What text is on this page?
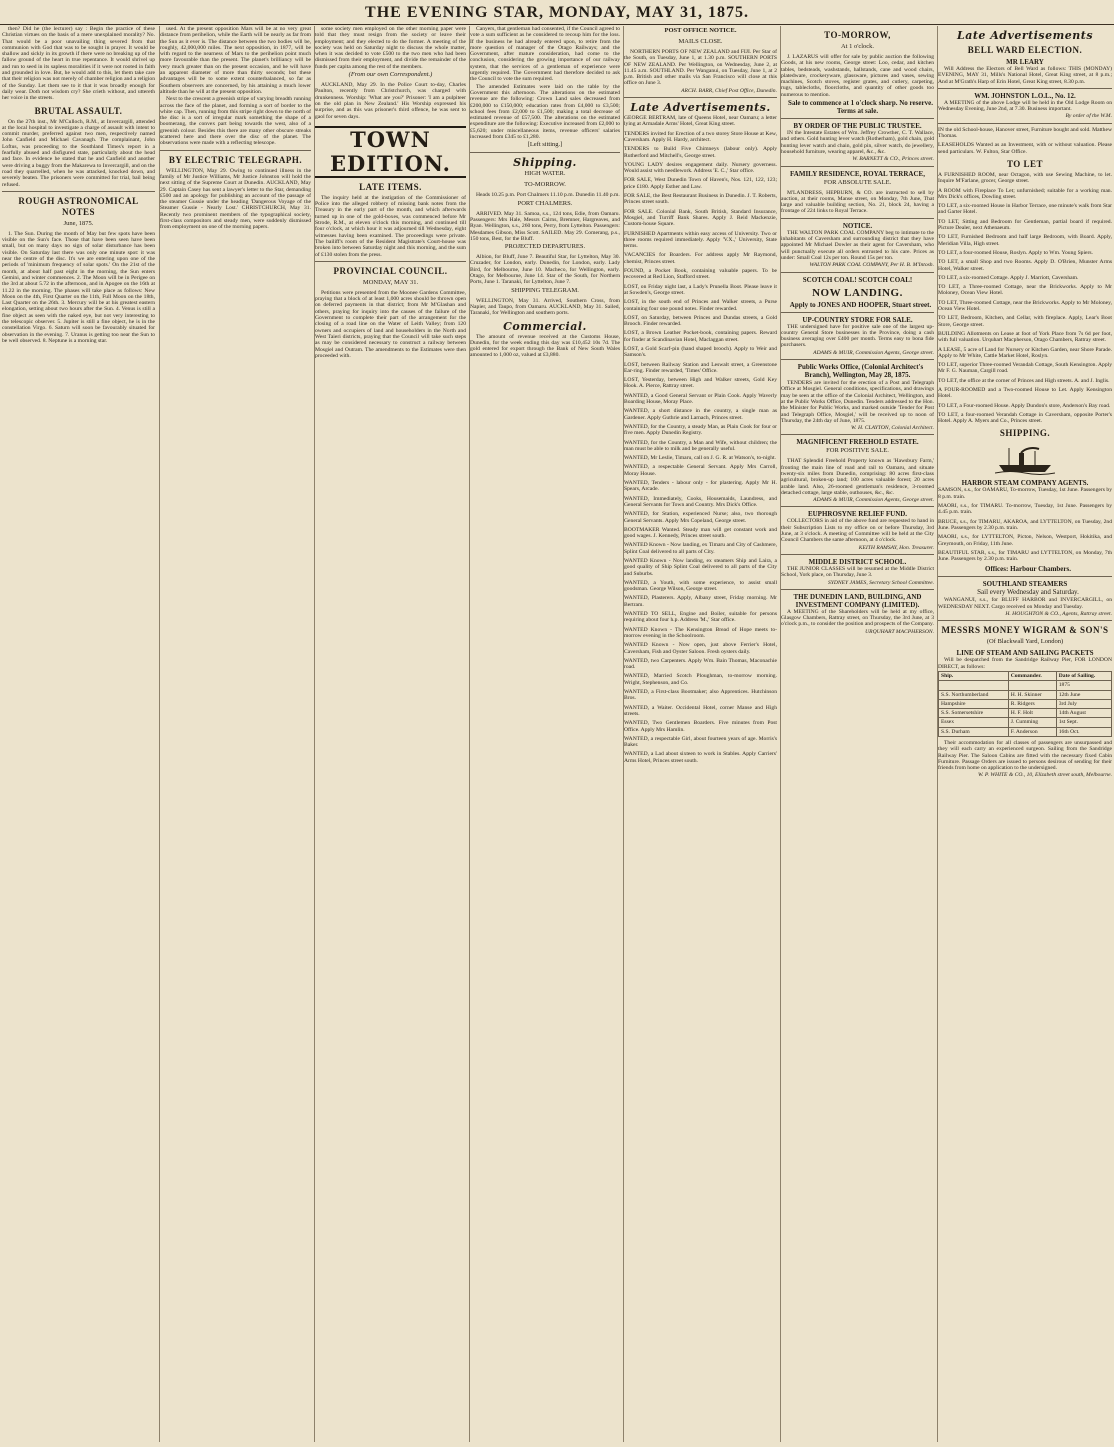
THE EVENING STAR, MONDAY, MAY 31, 1875.

then? Did he (the lecturer) say : Begin the practice of these Christian virtues on the basis of a mere unexplained morality? No. That would be a poor unavailing thing severed from that communion with God that was to be sought in prayer. It would be shallow and sickly in its growth if there were no breaking up of the fallow ground of the heart in true repentance. It would shrivel up and run to seed in its sapless moralities if it were not rooted in faith and grounded in love. But, he would add to this, let them take care that their religion was not merely of chamber religion and a religion of the Sunday. Let them see to it that it was broadly enough for daily wear. Doth not wisdom cry? She crieth without, and uttereth her voice in the streets.

BRUTAL ASSAULT.

On the 27th inst., Mr M'Culloch, R.M., at Invercargill, attended at the local hospital to investigate a charge of assault with intent to commit murder, preferred against two men, respectively named John Canfield and Michael Cavanagh. The complainant, John Loftus, was proceeding to the Southland Times's report in a fearfully abused and disfigured state, particularly about the head and face. In evidence he stated that he and Canfield and another were driving a buggy from the Makarewa to Invercargill, and on the road they quarrelled, when he was attacked, knocked down, and severely beaten. The prisoners were committed for trial, bail being refused.

ROUGH ASTRONOMICAL NOTES
June, 1875.

1. The Sun. During the month of May but few spots have been visible on the Sun's face. Those that have been seen have been small, but on many days no sign of solar disturbance has been visible. On Saturday last there was only one minute spot: it was near the centre of the disc. It's we are entering upon one of the periods of 'minimum frequency of solar spots.' On the 21st of the month, at about half past eight in the morning, the Sun enters Gemini, and winter commences. 2. The Moon will be in Perigee on the 3rd at about 5.72 in the afternoon, and in Apogee on the 16th at 11.22 in the morning. The phases will take place as follows: New Moon on the 4th, First Quarter on the 11th, Full Moon on the 18th, Last Quarter on the 26th. 3. Mercury will be at his greatest eastern elongation, setting about two hours after the Sun. 4. Venus is still a fine object as seen with the naked eye, but not very interesting to the telescopic observer. 5. Jupiter is still a fine object, he is in the constellation Virgo. 6. Saturn will soon be favourably situated for observation in the evening. 7. Uranus is getting too near the Sun to be well observed. 8. Neptune is a morning star.

used. At the present opposition Mars will be at no very great distance from perihelion, while the Earth will be nearly as far from the Sun as it ever is. The distance between the two bodies will be, roughly, 42,000,000 miles. The next opposition, in 1877, will be with regard to the nearness of Mars to the perihelion point much more favourable than the present. The planet's brilliancy will be very much greater than on the present occasion, and he will have an apparent diameter of more than thirty seconds; but these advantages will be to some extent counterbalanced, so far as Southern observers are concerned, by his attaining a much lower altitude than he will at the present opposition.

Next to the crescent a greenish stripe of varying breadth running across the face of the planet, and forming a sort of border to the white cap. Then, running from this stripe right down to the north of the disc is a sort of irregular mark something the shape of a boomerang, the convex part being towards the west, also of a greenish colour. Besides this there are many other obscure streaks scattered here and there over the disc of the planet. The observations were made with a reflecting telescope.

BY ELECTRIC TELEGRAPH.

WELLINGTON, May 29. Owing to continued illness in the family of Mr Justice Williams, Mr Justice Johnston will hold the next sitting of the Supreme Court at Dunedin. AUCKLAND, May 29. Captain Casey has sent a lawyer's letter to the Star, demanding £500 and an apology for publishing an account of the passage of the steamer Gussie under the heading 'Dangerous Voyage of the Steamer Gussie - Nearly Lost.' CHRISTCHURCH, May 31. Recently two prominent members of the typographical society, first-class compositors and steady men, were suddenly dismissed from employment on one of the morning papers.

some society men employed on the other morning paper were told that they must resign from the society or leave their employment; and they elected to do the former. A meeting of the society was held on Saturday night to discuss the whole matter, when it was decided to vote £500 to the two men who had been dismissed from their employment, and divide the remainder of the funds per capita among the rest of the members.

(From our own Correspondent.)

AUCKLAND, May 29. In the Police Court to-day, Charles Paulton, recently from Christchurch, was charged with drunkenness. Worship: 'What are you?' Prisoner: 'I am a pulpiteer on the old plan in New Zealand.' His Worship expressed his surprise, and as this was prisoner's third offence, he was sent to gaol for seven days.

TOWN EDITION.
LATE ITEMS.

The inquiry held at the instigation of the Commissioner of Police into the alleged robbery of missing bank notes from the Treasury in the early part of the month, and which afterwards turned up in one of the gold-boxes, was commenced before Mr Strode, R.M., at eleven o'clock this morning, and continued till four o'clock, at which hour it was adjourned till Wednesday, eight witnesses having been examined. The proceedings were private. The bailiff's room of the Resident Magistrate's Court-house was broken into between Saturday night and this morning, and the sum of £130 stolen from the press.

PROVINCIAL COUNCIL.
MONDAY, MAY 31.

Petitions were presented from the Moonee Gardens Committee, praying that a block of at least 1,000 acres should be thrown open on deferred payments in that district; from Mr M'Glashan and others, praying for inquiry into the causes of the failure of the Government to complete their part of the arrangement for the closing of a road line on the Water of Leith Valley; from 120 owners and occupiers of land and householders in the North and West Taieri districts, praying that the Council will take such steps as may be considered necessary to construct a railway between Mosgiel and Outram. The amendments to the Estimates were then proceeded with.

Canyers, that gentleman had consented, if the Council agreed to vote a sum sufficient as he considered to recoup him for the loss. If the business he had already entered upon, to retire from the more question of manager of the Otago Railways; and the Government, after mature consideration, had come to the conclusion, considering the growing importance of our railway system, that the services of a gentleman of experience were urgently required. The Government had therefore decided to ask the Council to vote the sum required.

The amended Estimates were laid on the table by the Government this afternoon. The alterations on the estimated revenue are the following: Crown Land sales decreased from £200,000 to £150,000; education rates from £4,000 to £3,500; school fees from £2,000 to £1,500; making a total decrease of estimated revenue of £57,500. The alterations on the estimated expenditure are the following: Executive increased from £2,000 to £5,620; under miscellaneous items, revenue officers' salaries increased from £345 to £1,280.

[Left sitting.]
Shipping.
HIGH WATER.
TO-MORROW.

Heads 10.25 p.m. Port Chalmers 11.10 p.m. Dunedin 11.40 p.m.

PORT CHALMERS.

ARRIVED. May 31. Samoa, s.s., 124 tons, Edie, from Oamaru. Passengers: Mrs Hale, Messrs Cairns, Bremner, Hargreaves, and Ryan. Wellington, s.s., 260 tons, Perry, from Lyttelton. Passengers: Mesdames Gibson, Miss Scott. SAILED. May 29. Comerang, p.s., 150 tons, Best, for the Bluff.

PROJECTED DEPARTURES.

Albion, for Bluff, June 7. Beautiful Star, for Lyttelton, May 30. Cruzader, for London, early. Dunedin, for London, early. Lady Bird, for Melbourne, June 10. Macheco, for Wellington, early. Otago, for Melbourne, June 14. Star of the South, for Northern Ports, June 1. Taranaki, for Lyttelton, June 7.

SHIPPING TELEGRAM.

WELLINGTON, May 31. Arrived, Southern Cross, from Napier, and Taupo, from Oamaru. AUCKLAND, May 31. Sailed, Taranaki, for Wellington and southern ports.

Commercial.

The amount of revenue received at the Customs House, Dunedin, for the week ending this day was £10,452 10s 7d. The gold entered for export through the Bank of New South Wales amounted to 1,000 oz, valued at £3,880.

POST OFFICE NOTICE.
MAILS CLOSE.

NORTHERN PORTS OF NEW ZEALAND and FIJI. Per Star of the South, on Tuesday, June 1, at 1.30 p.m. SOUTHERN PORTS OF NEW ZEALAND. Per Wellington, on Wednesday, June 2, at 11.45 a.m. SOUTHLAND. Per Wanganui, on Tuesday, June 1, at 2 p.m. British and other mails via San Francisco will close at this office on June 3.

ARCH. BARR, Chief Post Office, Dunedin.

Late Advertisements.

GEORGE BERTRAM, late of Queens Hotel, near Oamaru; a letter lying at Armadale Arms' Hotel, Great King street.

TENDERS invited for Erection of a two storey Store House at Kew, Caversham. Apply H. Hardy, architect.

TENDERS to Build Five Chimneys (labour only). Apply Rutherford and Mitchell's, George street.

YOUNG LADY desires engagement daily. Nursery governess. Would assist with needlework. Address 'E. C.,' Star office.

FOR SALE, West Dunedin Town of Haven's, Nos. 121, 122, 123; price £180. Apply Esther and Law.

FOR SALE, the Best Restaurant Business in Dunedin. J. T. Roberts, Princes street south.

FOR SALE. Colonial Bank, South British, Standard Insurance, Mosgiel, and Turriff Bank Shares. Apply J. Reid Mackenzie, Custom-house Square.

FURNISHED Apartments within easy access of University. Two or three rooms required immediately. Apply 'V.X.,' University, State terms.

VACANCIES for Boarders. For address apply Mr Raymond, chemist, Princes street.

FOUND, a Pocket Book, containing valuable papers. To be recovered at Red Lion, Stafford street.

LOST, on Friday night last, a Lady's Prunella Boot. Please leave it at Sowden's, George street.

LOST, in the south end of Princes and Walker streets, a Purse containing four one pound notes. Finder rewarded.

LOST, on Saturday, between Princes and Dundas streets, a Gold Brooch. Finder rewarded.

LOST, a Brown Leather Pocket-book, containing papers. Reward for finder at Scandinavian Hotel, Maclaggan street.

LOST, a Gold Scarf-pin (hand shaped brooch). Apply to Weir and Samson's.

LOST, between Railway Station and Leswalt street, a Greenstone Ear-ring. Finder rewarded, 'Times' Office.

LOST, Yesterday, between High and Walker streets, Gold Key Hook. A. Pierce, Rattray street.

WANTED, a Good General Servant or Plain Cook. Apply Waverly Boarding House, Moray Place.

WANTED, a short distance in the country, a single man as Gardener. Apply Guthrie and Larnach, Princes street.

WANTED, for the Country, a steady Man, as Plain Cook for four or five men. Apply Dunedin Registry.

WANTED, for the Country, a Man and Wife, without children; the man must be able to milk and be generally useful.

WANTED, Mr Leslie, Timaru, call on J. G. R. at Watson's, to-night.

WANTED, a respectable General Servant. Apply Mrs Carroll, Moray House.

WANTED, Tenders - labour only - for plastering. Apply Mr H. Spears, Arcade.

WANTED, Immediately, Cooks, Housemaids, Laundress, and General Servants for Town and Country. Mrs Dick's Office.

WANTED, for Station, experienced Nurse; also, two thorough General Servants. Apply Mrs Copeland, George street.

BOOTMAKER Wanted. Steady man will get constant work and good wages. J. Kennedy, Princes street south.

WANTED Known - Now landing, ex Timaru and City of Cashmere, Splint Coal delivered to all parts of City.

WANTED Known - Now landing, ex steamers Ship and Laira, a good quality of Ship Splint Coal delivered to all parts of the City and Suburbs.

WANTED, a Youth, with some experience, to assist small goodsman. George Wilson, George street.

WANTED, Plasterers. Apply, Albany street, Friday morning. Mr Bertram.

WANTED TO SELL, Engine and Boiler, suitable for persons requiring about four h.p. Address 'M.,' Star office.

WANTED Known - The Kensington Bread of Hope meets to-morrow evening in the Schoolroom.

WANTED Known - Now open, just above Ferrier's Hotel, Caversham, Fish and Oyster Saloon. Fresh oysters daily.

WANTED, two Carpenters. Apply Wm. Bain Thomas, Maconachie road.

WANTED, Married Scotch Ploughman, to-morrow morning. Wright, Stephenson, and Co.

WANTED, a First-class Bootmaker; also Apprentices. Hutchinson Bros.

WANTED, a Waiter. Occidental Hotel, corner Manse and High streets.

WANTED, Two Gentlemen Boarders. Five minutes from Post Office. Apply Mrs Hamlin.

WANTED, a respectable Girl, about fourteen years of age. Morris's Baker.

WANTED, a Lad about sixteen to work in Stables. Apply Carriers' Arms Hotel, Princes street south.

TO-MORROW,
At 1 o'clock.

J. LAZARUS will offer for sale by public auction the following Goods, at his new rooms, George street: Loo, cedar, and kitchen tables, bedsteads, washstands, hallstands, cane and wood chairs, platedware, crockeryware, glassware, pictures and vases, sewing machines, Scotch stoves, register grates, and cutlery, carpeting, rugs, tablecloths, floorcloths, and quantity of other goods too numerous to mention.

Sale to commence at 1 o'clock sharp. No reserve. Terms at sale.

BY ORDER OF THE PUBLIC TRUSTEE.

IN the Intestate Estates of Wm. Jeffrey Crowther, C. T. Wallace, and others. Gold hunting lever watch (Rotherham), gold chain, gold hunting lever watch and chain, gold pin, silver watch, do jewellery, household furniture, wearing apparel, &c., &c.

W. BARNETT & CO., Princes street.

FAMILY RESIDENCE, ROYAL TERRACE,
FOR ABSOLUTE SALE.

M'LANDRESS, HEPBURN, & CO. are instructed to sell by auction, at their rooms, Manse street, on Monday, 7th June, That large and valuable building section, No. 21, block 24, having a frontage of 224 links to Royal Terrace.

NOTICE.

THE WALTON PARK COAL COMPANY beg to intimate to the inhabitants of Caversham and surrounding district that they have appointed Mr Michael Dowler as their agent for Caversham, who will punctually execute all orders entrusted to his care. Prices as under: Small Coal 12s per ton. Round 15s per ton.

WALTON PARK COAL COMPANY, Per H. B. M'Intosh.

SCOTCH COAL! SCOTCH COAL!
NOW LANDING.

Apply to JONES AND HOOPER, Stuart street.

UP-COUNTRY STORE FOR SALE.

THE undersigned have for positive sale one of the largest up-country General Store businesses in the Province, doing a cash business averaging over £400 per month. Terms easy to bona fide purchasers.

ADAMS & MUIR, Commission Agents, George street.

Public Works Office, (Colonial Architect's Branch), Wellington, May 28, 1875.

TENDERS are invited for the erection of a Post and Telegraph Office at Mosgiel. General conditions, specifications, and drawings may be seen at the office of the Colonial Architect, Wellington, and at the Public Works Office, Dunedin. Tenders addressed to the Hon. the Minister for Public Works, and marked outside 'Tender for Post and Telegraph Office, Mosgiel,' will be received up to noon of Thursday, the 24th day of June, 1875.

W. H. CLAYTON, Colonial Architect.

MAGNIFICENT FREEHOLD ESTATE.
FOR POSITIVE SALE.

THAT Splendid Freehold Property known as 'Hawsbury Farm,' fronting the main line of road and rail to Oamaru, and situate twenty-six miles from Dunedin, comprising: 80 acres first-class agricultural, broken-up land; 100 acres valuable forest; 20 acres arable land. Also, 26-roomed gentleman's residence, 3-roomed detached cottage, large stable, outhouses, &c., &c.

ADAMS & MUIR, Commission Agents, George street.

EUPHROSYNE RELIEF FUND.

COLLECTORS in aid of the above fund are requested to hand in their Subscription Lists to my office on or before Thursday, 3rd June, at 3 o'clock. A meeting of Committee will be held at the City Council Chambers the same afternoon, at 4 o'clock.

KEITH RAMSAY, Hon. Treasurer.

MIDDLE DISTRICT SCHOOL.

THE JUNIOR CLASSES will be resumed at the Middle District School, York place, on Thursday, June 3.

SYDNEY JAMES, Secretary School Committee.

THE DUNEDIN LAND, BUILDING, AND INVESTMENT COMPANY (LIMITED).

A MEETING of the Shareholders will be held at my office, Glasgow Chambers, Rattray street, on Thursday, the 3rd June, at 3 o'clock p.m., to consider the position and prospects of the Company.

URQUHART MACPHERSON.

Late Advertisements
BELL WARD ELECTION.
MR LEARY

Will Address the Electors of Bell Ward as follows: THIS (MONDAY) EVENING, MAY 31, Mills's National Hotel, Great King street, at 8 p.m.; And at M'Grath's Harp of Erin Hotel, Great King street, 8.30 p.m.

WM. JOHNSTON L.O.L., No. 12.

A MEETING of the above Lodge will be held in the Old Lodge Room on Wednesday Evening, June 2nd, at 7.30. Business important.

By order of the W.M.

IN the old School-house, Hanover street, Furniture bought and sold. Matthew Thomas.

LEASEHOLDS Wanted as an Investment, with or without valuation. Please send particulars. W. Fulton, Star Office.

TO LET

A FURNISHED ROOM, near Octagon, with use Sewing Machine, to let. Inquire M'Farlane, grocer, George street.

A ROOM with Fireplace To Let; unfurnished; suitable for a working man. Mrs Dick's offices, Dowling street.

TO LET, a six-roomed House in Harbor Terrace, one minute's walk from Star and Garter Hotel.

TO LET, Sitting and Bedroom for Gentleman, partial board if required. Picture Dealer, next Athenaeum.

TO LET, Furnished Bedroom and half large Bedroom, with Board. Apply, Meridian Villa, High street.

TO LET, a four-roomed House, Roslyn. Apply to Wm. Young Spiers.

TO LET, a small Shop and two Rooms. Apply D. O'Brien, Munster Arms Hotel, Walker street.

TO LET, a six-roomed Cottage. Apply J. Marriott, Caversham.

TO LET, a Three-roomed Cottage, near the Brickworks. Apply to Mr Moloney, Ocean View Hotel.

TO LET, Three-roomed Cottage, near the Brickworks. Apply to Mr Moloney, Ocean View Hotel.

TO LET, Bedroom, Kitchen, and Cellar, with fireplace. Apply, Lear's Boot Store, George street.

BUILDING Allotments on Lease at foot of York Place from 7s 6d per foot, with full valuation. Urquhart Macpherson, Otago Chambers, Rattray street.

A LEASE, 5 acre of Land for Nursery or Kitchen Garden, near Shore Parade. Apply to Mr White, Cattle Market Hotel, Roslyn.

TO LET, superior Three-roomed Verandah Cottage, South Kensington. Apply Mr F. G. Nauman, Cargill road.

TO LET, the office at the corner of Princes and High streets. A. and J. Inglis.

A FOUR-ROOMED and a Two-roomed House to Let. Apply Kensington Hotel.

TO LET, a Four-roomed House. Apply Dundon's store, Anderson's Bay road.

TO LET, a four-roomed Verandah Cottage in Caversham, opposite Porter's Hotel. Apply A. Myers and Co., Princes street.

SHIPPING.
HARBOR STEAM COMPANY AGENTS.

SAMSON, s.s., for OAMARU, To-morrow, Tuesday, 1st June. Passengers by 8 p.m. train.

MAORI, s.s., for TIMARU. To-morrow, Tuesday, 1st June. Passengers by 4.45 p.m. train.

BRUCE, s.s., for TIMARU, AKAROA, and LYTTELTON, on Tuesday, 2nd June. Passengers by 2.30 p.m. train.

MAORI, s.s., for LYTTELTON, Picton, Nelson, Westport, Hokitika, and Greymouth, on Friday, 11th June.

BEAUTIFUL STAR, s.s., for TIMARU and LYTTELTON, on Monday, 7th June. Passengers by 2.30 p.m. train.

Offices: Harbour Chambers.

SOUTHLAND STEAMERS

Sail every Wednesday and Saturday.

WANGANUI, s.s., for BLUFF HARBOR and INVERCARGILL, on WEDNESDAY NEXT. Cargo received on Monday and Tuesday.

H. HOUGHTON & CO., Agents, Rattray street.

MESSRS MONEY WIGRAM & SON'S
(Of Blackwall Yard, London)
LINE OF STEAM AND SAILING PACKETS

Will be despatched from the Sandridge Railway Pier, FOR LONDON DIRECT, as follows:

Ship.	Commander.	Date of Sailing.
		1875
S.S. Northumberland	H. H. Skinner	12th June
Hampshire	R. Ridgers	3rd July
S.S. Somersetshire	H. F. Holt	14th August
Essex	J. Cumming	1st Sept.
S.S. Durham	F. Anderson	16th Oct.

Their accommodation for all classes of passengers are unsurpassed and they will each carry an experienced surgeon. Sailing from the Sandridge Railway Pier. The Saloon Cabins are fitted with the necessary fixed Cabin Furniture. Passage Orders are issued to persons desirous of sending for their friends from home on application to the undersigned.

W. P. WHITE & CO., 10, Elizabeth street south, Melbourne.
